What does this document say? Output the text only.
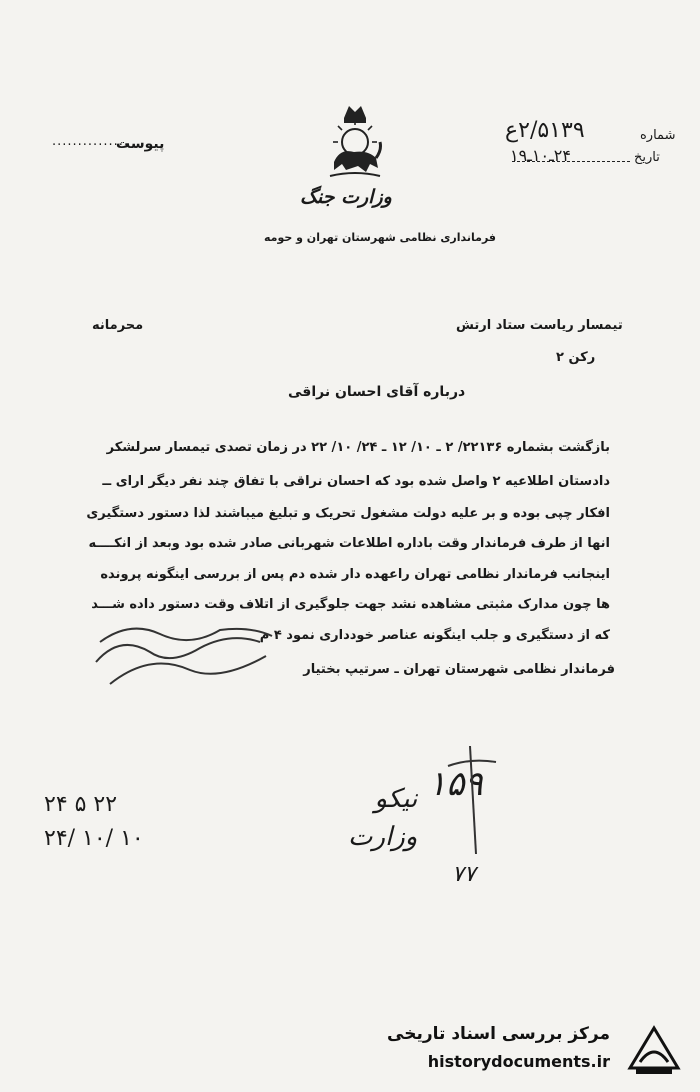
وزارت جنگ
فرمانداری نظامی شهرستان تهران و حومه
پیوست
...............	شماره
۲/۵۱۳۹ع
تاریخ
۲۴ـ۱۰ـ۱۹
محرمانه	تیمسار ریاست ستاد ارتش
رکن ۲
درباره آقای احسان نراقی
بازگشت بشماره ۲۲۱۳۶/ ۲ ـ ۱۰/ ۱۲ ـ ۲۴/ ۱۰/ ۲۲ در زمان تصدی تیمسار سرلشکر
دادستان اطلاعیه ۲ واصل شده بود که احسان نراقی با تفاق چند نفر دیگر ارای ــ
افکار چپی بوده و بر علیه دولت مشغول تحریک و تبلیغ میباشند لذا دستور دستگیری
انها از طرف فرماندار وقت باداره اطلاعات شهربانی صادر شده بود وبعد از انکــــه
اینجانب فرماندار نظامی تهران راعهده دار شده دم پس از بررسی اینگونه پرونده
ها چون مدارک مثبتی مشاهده نشد جهت جلوگیری از اتلاف وقت دستور داده شـــد
که از دستگیری و جلب اینگونه عناصر خودداری نمود ۴ م
فرماندار نظامی شهرستان تهران ـ سرتیپ بختیار
۲۴ ۵ ۲۲
۲۴/ ۱۰/ ۱۰
نیکو
وزارت
۱۵۹
۷۷
مرکز بررسی اسناد تاریخی
historydocuments.ir
